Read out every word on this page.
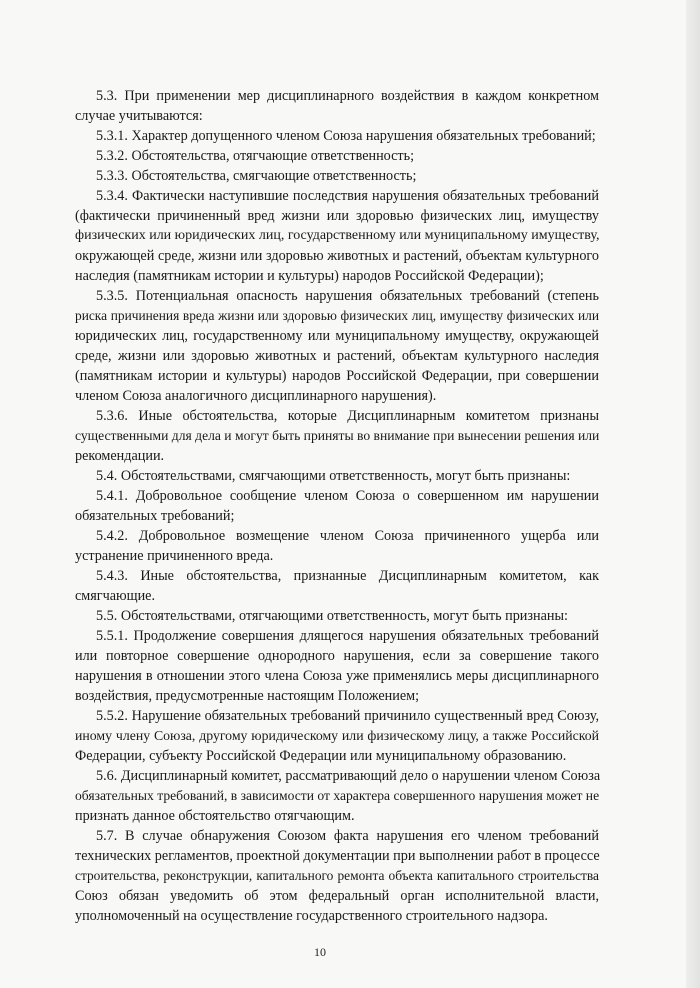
5.3. При применении мер дисциплинарного воздействия в каждом конкретном
случае учитываются:
5.3.1. Характер допущенного членом Союза нарушения обязательных требований;
5.3.2. Обстоятельства, отягчающие ответственность;
5.3.3. Обстоятельства, смягчающие ответственность;
5.3.4. Фактически наступившие последствия нарушения обязательных требований
(фактически причиненный вред жизни или здоровью физических лиц, имуществу
физических или юридических лиц, государственному или муниципальному имуществу,
окружающей среде, жизни или здоровью животных и растений, объектам культурного
наследия (памятникам истории и культуры) народов Российской Федерации);
5.3.5. Потенциальная опасность нарушения обязательных требований (степень
риска причинения вреда жизни или здоровью физических лиц, имуществу физических или
юридических лиц, государственному или муниципальному имуществу, окружающей
среде, жизни или здоровью животных и растений, объектам культурного наследия
(памятникам истории и культуры) народов Российской Федерации, при совершении
членом Союза аналогичного дисциплинарного нарушения).
5.3.6. Иные обстоятельства, которые Дисциплинарным комитетом признаны
существенными для дела и могут быть приняты во внимание при вынесении решения или
рекомендации.
5.4. Обстоятельствами, смягчающими ответственность, могут быть признаны:
5.4.1. Добровольное сообщение членом Союза о совершенном им нарушении
обязательных требований;
5.4.2. Добровольное возмещение членом Союза причиненного ущерба или
устранение причиненного вреда.
5.4.3. Иные обстоятельства, признанные Дисциплинарным комитетом, как
смягчающие.
5.5. Обстоятельствами, отягчающими ответственность, могут быть признаны:
5.5.1. Продолжение совершения длящегося нарушения обязательных требований
или повторное совершение однородного нарушения, если за совершение такого
нарушения в отношении этого члена Союза уже применялись меры дисциплинарного
воздействия, предусмотренные настоящим Положением;
5.5.2. Нарушение обязательных требований причинило существенный вред Союзу,
иному члену Союза, другому юридическому или физическому лицу, а также Российской
Федерации, субъекту Российской Федерации или муниципальному образованию.
5.6. Дисциплинарный комитет, рассматривающий дело о нарушении членом Союза
обязательных требований, в зависимости от характера совершенного нарушения может не
признать данное обстоятельство отягчающим.
5.7. В случае обнаружения Союзом факта нарушения его членом требований
технических регламентов, проектной документации при выполнении работ в процессе
строительства, реконструкции, капитального ремонта объекта капитального строительства
Союз обязан уведомить об этом федеральный орган исполнительной власти,
уполномоченный на осуществление государственного строительного надзора.
10
